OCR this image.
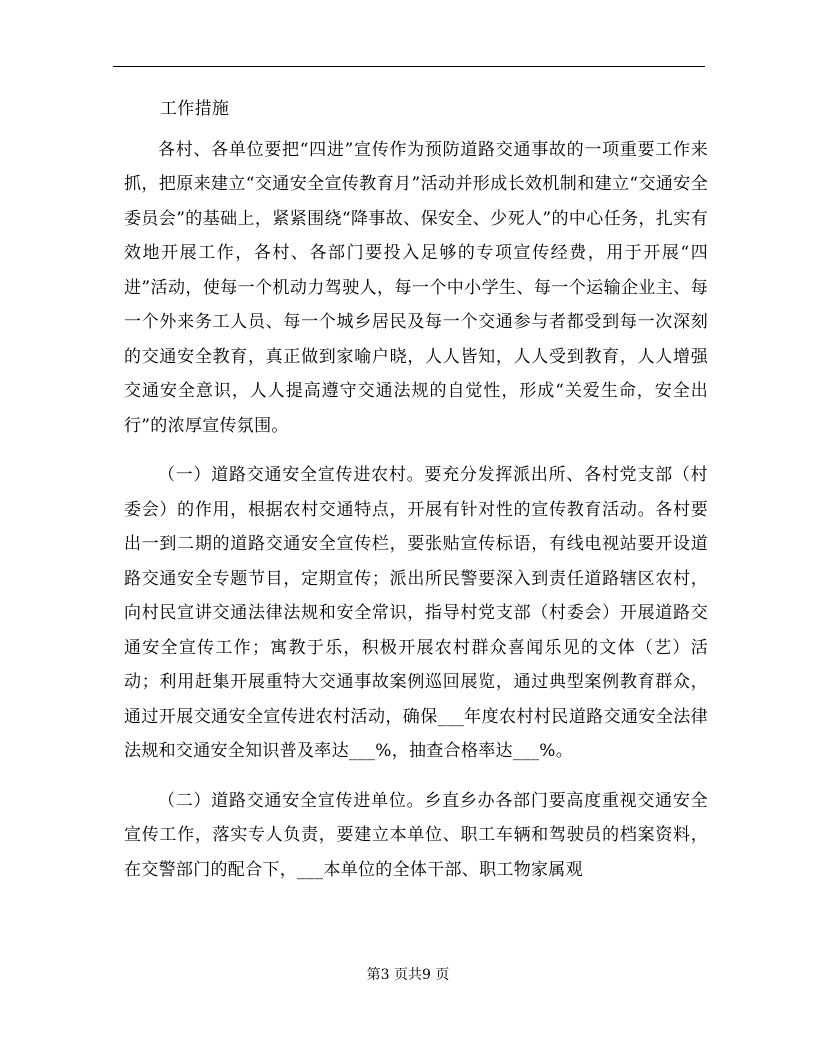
工作措施

各村、各单位要把“四进”宣传作为预防道路交通事故的一项重要工作来抓，把原来建立“交通安全宣传教育月”活动并形成长效机制和建立“交通安全委员会”的基础上，紧紧围绕“降事故、保安全、少死人”的中心任务，扎实有效地开展工作，各村、各部门要投入足够的专项宣传经费，用于开展“四进”活动，使每一个机动力驾驶人，每一个中小学生、每一个运输企业主、每一个外来务工人员、每一个城乡居民及每一个交通参与者都受到每一次深刻的交通安全教育，真正做到家喻户晓，人人皆知，人人受到教育，人人增强交通安全意识，人人提高遵守交通法规的自觉性，形成“关爱生命，安全出行”的浓厚宣传氛围。

（一）道路交通安全宣传进农村。要充分发挥派出所、各村党支部（村委会）的作用，根据农村交通特点，开展有针对性的宣传教育活动。各村要出一到二期的道路交通安全宣传栏，要张贴宣传标语，有线电视站要开设道路交通安全专题节目，定期宣传；派出所民警要深入到责任道路辖区农村，向村民宣讲交通法律法规和安全常识，指导村党支部（村委会）开展道路交通安全宣传工作；寓教于乐，积极开展农村群众喜闻乐见的文体（艺）活动；利用赶集开展重特大交通事故案例巡回展览，通过典型案例教育群众，通过开展交通安全宣传进农村活动，确保___年度农村村民道路交通安全法律法规和交通安全知识普及率达___%，抽查合格率达___%。

（二）道路交通安全宣传进单位。乡直乡办各部门要高度重视交通安全宣传工作，落实专人负责，要建立本单位、职工车辆和驾驶员的档案资料，在交警部门的配合下，___本单位的全体干部、职工物家属观

第3 页共9 页
